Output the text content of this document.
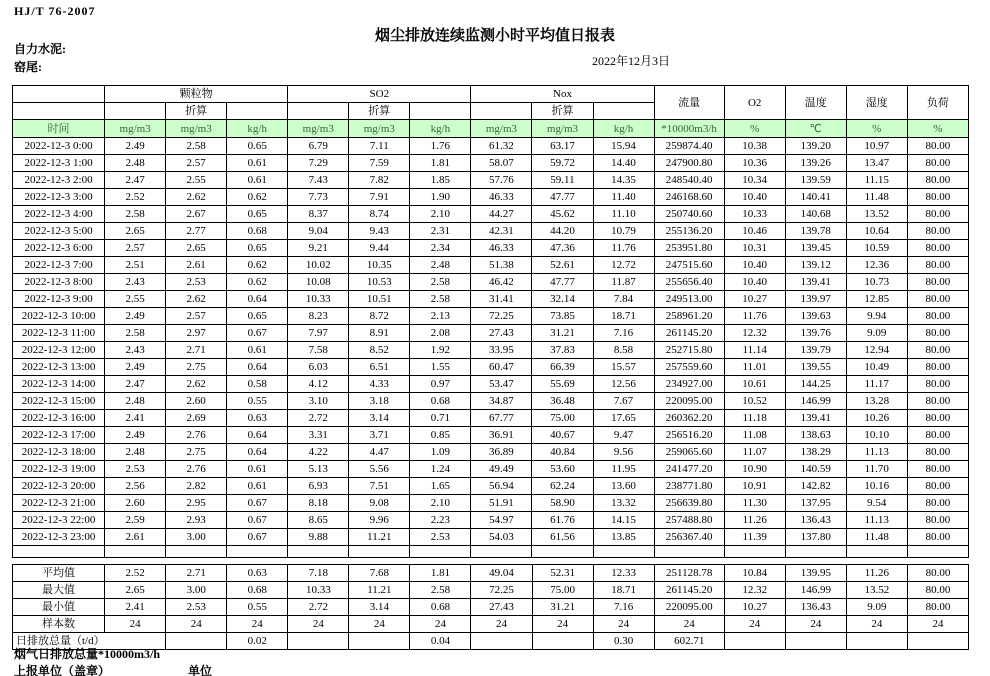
HJ/T 76-2007
烟尘排放连续监测小时平均值日报表
自力水泥:
窑尾:	2022年12月3日
	颗粒物			SO2			Nox			流量	O2	温度	湿度	负荷
		折算			折算			折算						
时间	mg/m3	mg/m3	kg/h	mg/m3	mg/m3	kg/h	mg/m3	mg/m3	kg/h	*10000m3/h	%	℃	%	%
2022-12-3 0:00	2.49	2.58	0.65	6.79	7.11	1.76	61.32	63.17	15.94	259874.40	10.38	139.20	10.97	80.00
2022-12-3 1:00	2.48	2.57	0.61	7.29	7.59	1.81	58.07	59.72	14.40	247900.80	10.36	139.26	13.47	80.00
2022-12-3 2:00	2.47	2.55	0.61	7.43	7.82	1.85	57.76	59.11	14.35	248540.40	10.34	139.59	11.15	80.00
2022-12-3 3:00	2.52	2.62	0.62	7.73	7.91	1.90	46.33	47.77	11.40	246168.60	10.40	140.41	11.48	80.00
2022-12-3 4:00	2.58	2.67	0.65	8.37	8.74	2.10	44.27	45.62	11.10	250740.60	10.33	140.68	13.52	80.00
2022-12-3 5:00	2.65	2.77	0.68	9.04	9.43	2.31	42.31	44.20	10.79	255136.20	10.46	139.78	10.64	80.00
2022-12-3 6:00	2.57	2.65	0.65	9.21	9.44	2.34	46.33	47.36	11.76	253951.80	10.31	139.45	10.59	80.00
2022-12-3 7:00	2.51	2.61	0.62	10.02	10.35	2.48	51.38	52.61	12.72	247515.60	10.40	139.12	12.36	80.00
2022-12-3 8:00	2.43	2.53	0.62	10.08	10.53	2.58	46.42	47.77	11.87	255656.40	10.40	139.41	10.73	80.00
2022-12-3 9:00	2.55	2.62	0.64	10.33	10.51	2.58	31.41	32.14	7.84	249513.00	10.27	139.97	12.85	80.00
2022-12-3 10:00	2.49	2.57	0.65	8.23	8.72	2.13	72.25	73.85	18.71	258961.20	11.76	139.63	9.94	80.00
2022-12-3 11:00	2.58	2.97	0.67	7.97	8.91	2.08	27.43	31.21	7.16	261145.20	12.32	139.76	9.09	80.00
2022-12-3 12:00	2.43	2.71	0.61	7.58	8.52	1.92	33.95	37.83	8.58	252715.80	11.14	139.79	12.94	80.00
2022-12-3 13:00	2.49	2.75	0.64	6.03	6.51	1.55	60.47	66.39	15.57	257559.60	11.01	139.55	10.49	80.00
2022-12-3 14:00	2.47	2.62	0.58	4.12	4.33	0.97	53.47	55.69	12.56	234927.00	10.61	144.25	11.17	80.00
2022-12-3 15:00	2.48	2.60	0.55	3.10	3.18	0.68	34.87	36.48	7.67	220095.00	10.52	146.99	13.28	80.00
2022-12-3 16:00	2.41	2.69	0.63	2.72	3.14	0.71	67.77	75.00	17.65	260362.20	11.18	139.41	10.26	80.00
2022-12-3 17:00	2.49	2.76	0.64	3.31	3.71	0.85	36.91	40.67	9.47	256516.20	11.08	138.63	10.10	80.00
2022-12-3 18:00	2.48	2.75	0.64	4.22	4.47	1.09	36.89	40.84	9.56	259065.60	11.07	138.29	11.13	80.00
2022-12-3 19:00	2.53	2.76	0.61	5.13	5.56	1.24	49.49	53.60	11.95	241477.20	10.90	140.59	11.70	80.00
2022-12-3 20:00	2.56	2.82	0.61	6.93	7.51	1.65	56.94	62.24	13.60	238771.80	10.91	142.82	10.16	80.00
2022-12-3 21:00	2.60	2.95	0.67	8.18	9.08	2.10	51.91	58.90	13.32	256639.80	11.30	137.95	9.54	80.00
2022-12-3 22:00	2.59	2.93	0.67	8.65	9.96	2.23	54.97	61.76	14.15	257488.80	11.26	136.43	11.13	80.00
2022-12-3 23:00	2.61	3.00	0.67	9.88	11.21	2.53	54.03	61.56	13.85	256367.40	11.39	137.80	11.48	80.00

平均值	2.52	2.71	0.63	7.18	7.68	1.81	49.04	52.31	12.33	251128.78	10.84	139.95	11.26	80.00
最大值	2.65	3.00	0.68	10.33	11.21	2.58	72.25	75.00	18.71	261145.20	12.32	146.99	13.52	80.00
最小值	2.41	2.53	0.55	2.72	3.14	0.68	27.43	31.21	7.16	220095.00	10.27	136.43	9.09	80.00
样本数	24	24	24	24	24	24	24	24	24	24	24	24	24	24
日排放总量（t/d）			0.02			0.04			0.30	602.71				
烟气日排放总量*10000m3/h
上报单位（盖章）	单位
